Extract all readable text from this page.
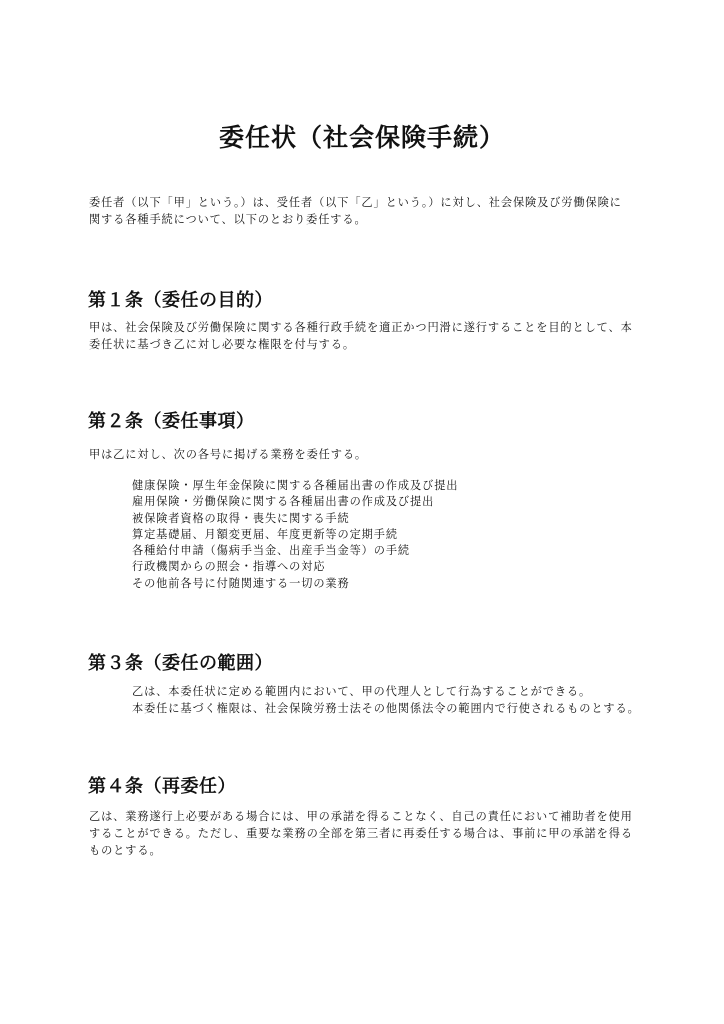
委任状（社会保険手続）
委任者（以下「甲」という。）は、受任者（以下「乙」という。）に対し、社会保険及び労働保険に
関する各種手続について、以下のとおり委任する。
第１条（委任の目的）
甲は、社会保険及び労働保険に関する各種行政手続を適正かつ円滑に遂行することを目的として、本
委任状に基づき乙に対し必要な権限を付与する。
第２条（委任事項）
甲は乙に対し、次の各号に掲げる業務を委任する。
健康保険・厚生年金保険に関する各種届出書の作成及び提出
雇用保険・労働保険に関する各種届出書の作成及び提出
被保険者資格の取得・喪失に関する手続
算定基礎届、月額変更届、年度更新等の定期手続
各種給付申請（傷病手当金、出産手当金等）の手続
行政機関からの照会・指導への対応
その他前各号に付随関連する一切の業務
第３条（委任の範囲）
乙は、本委任状に定める範囲内において、甲の代理人として行為することができる。
本委任に基づく権限は、社会保険労務士法その他関係法令の範囲内で行使されるものとする。
第４条（再委任）
乙は、業務遂行上必要がある場合には、甲の承諾を得ることなく、自己の責任において補助者を使用
することができる。ただし、重要な業務の全部を第三者に再委任する場合は、事前に甲の承諾を得る
ものとする。
